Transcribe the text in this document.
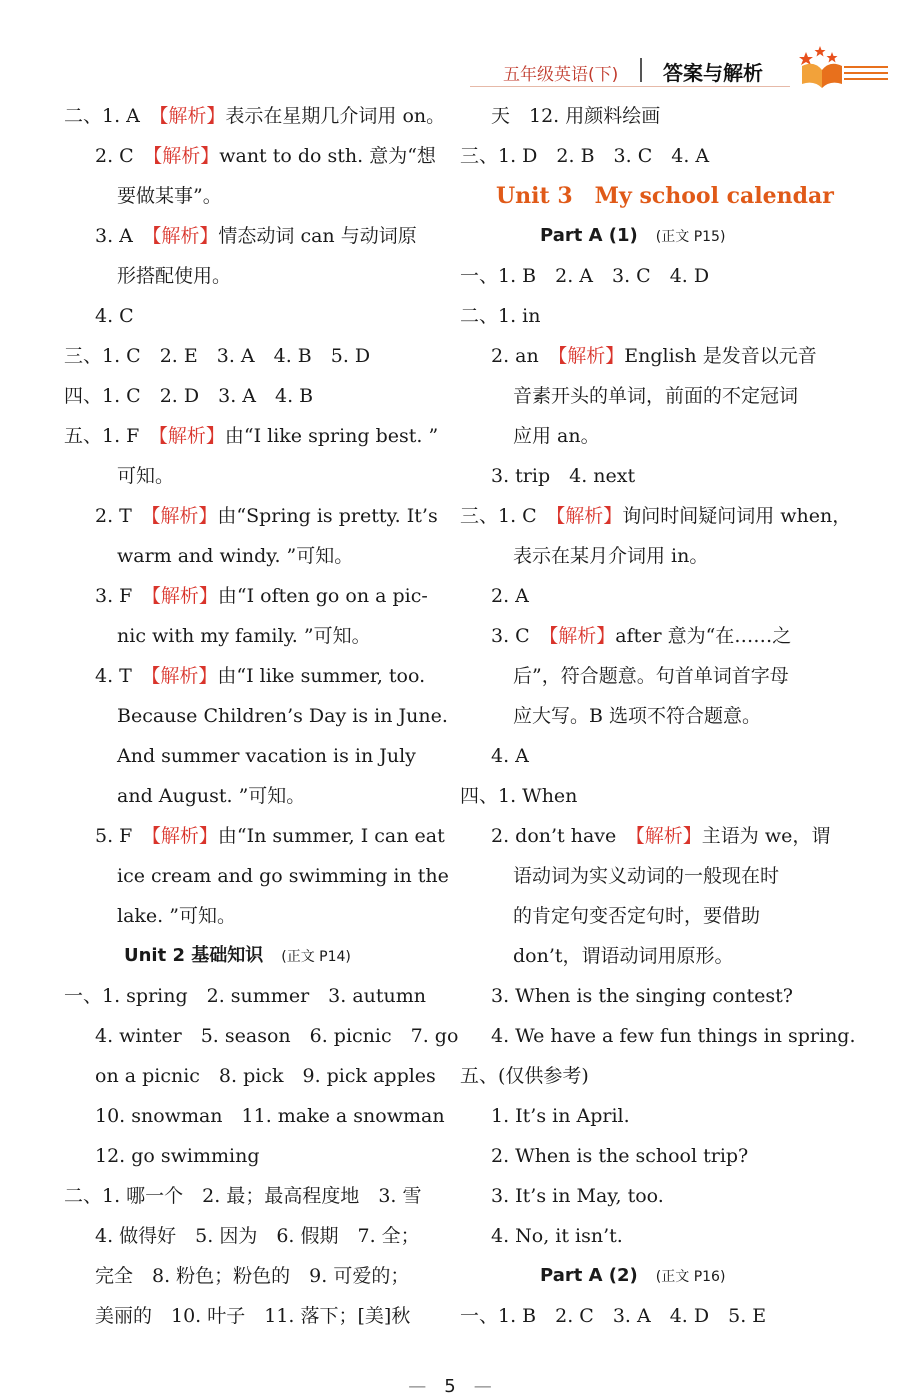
五年级英语(下) 答案与解析
二、1. A　【解析】表示在星期几介词用 on。
2. C　【解析】want to do sth. 意为“想
要做某事”。
3. A　【解析】情态动词 can 与动词原
形搭配使用。
4. C
三、1. C　2. E　3. A　4. B　5. D
四、1. C　2. D　3. A　4. B
五、1. F　【解析】由“I like spring best. ”
可知。
2. T　【解析】由“Spring is pretty. It’s
warm and windy. ”可知。
3. F　【解析】由“I often go on a pic-
nic with my family. ”可知。
4. T　【解析】由“I like summer, too.
Because Children’s Day is in June.
And summer vacation is in July
and August. ”可知。
5. F　【解析】由“In summer, I can eat
ice cream and go swimming in the
lake. ”可知。
Unit 2 基础知识 (正文 P14)
一、1. spring　2. summer　3. autumn
4. winter　5. season　6. picnic　7. go
on a picnic　8. pick　9. pick apples
10. snowman　11. make a snowman
12. go swimming
二、1. 哪一个　2. 最；最高程度地　3. 雪
4. 做得好　5. 因为　6. 假期　7. 全；
完全　8. 粉色；粉色的　9. 可爱的；
美丽的　10. 叶子　11. 落下；[美]秋
天　12. 用颜料绘画
三、1. D　2. B　3. C　4. A
Unit 3　My school calendar
Part A (1) (正文 P15)
一、1. B　2. A　3. C　4. D
二、1. in
2. an　【解析】English 是发音以元音
音素开头的单词，前面的不定冠词
应用 an。
3. trip　4. next
三、1. C　【解析】询问时间疑问词用 when，
表示在某月介词用 in。
2. A
3. C　【解析】after 意为“在……之
后”，符合题意。句首单词首字母
应大写。B 选项不符合题意。
4. A
四、1. When
2. don’t have　【解析】主语为 we，谓
语动词为实义动词的一般现在时
的肯定句变否定句时，要借助
don’t，谓语动词用原形。
3. When is the singing contest?
4. We have a few fun things in spring.
五、(仅供参考)
1. It’s in April.
2. When is the school trip?
3. It’s in May, too.
4. No, it isn’t.
Part A (2) (正文 P16)
一、1. B　2. C　3. A　4. D　5. E
—　5　—
